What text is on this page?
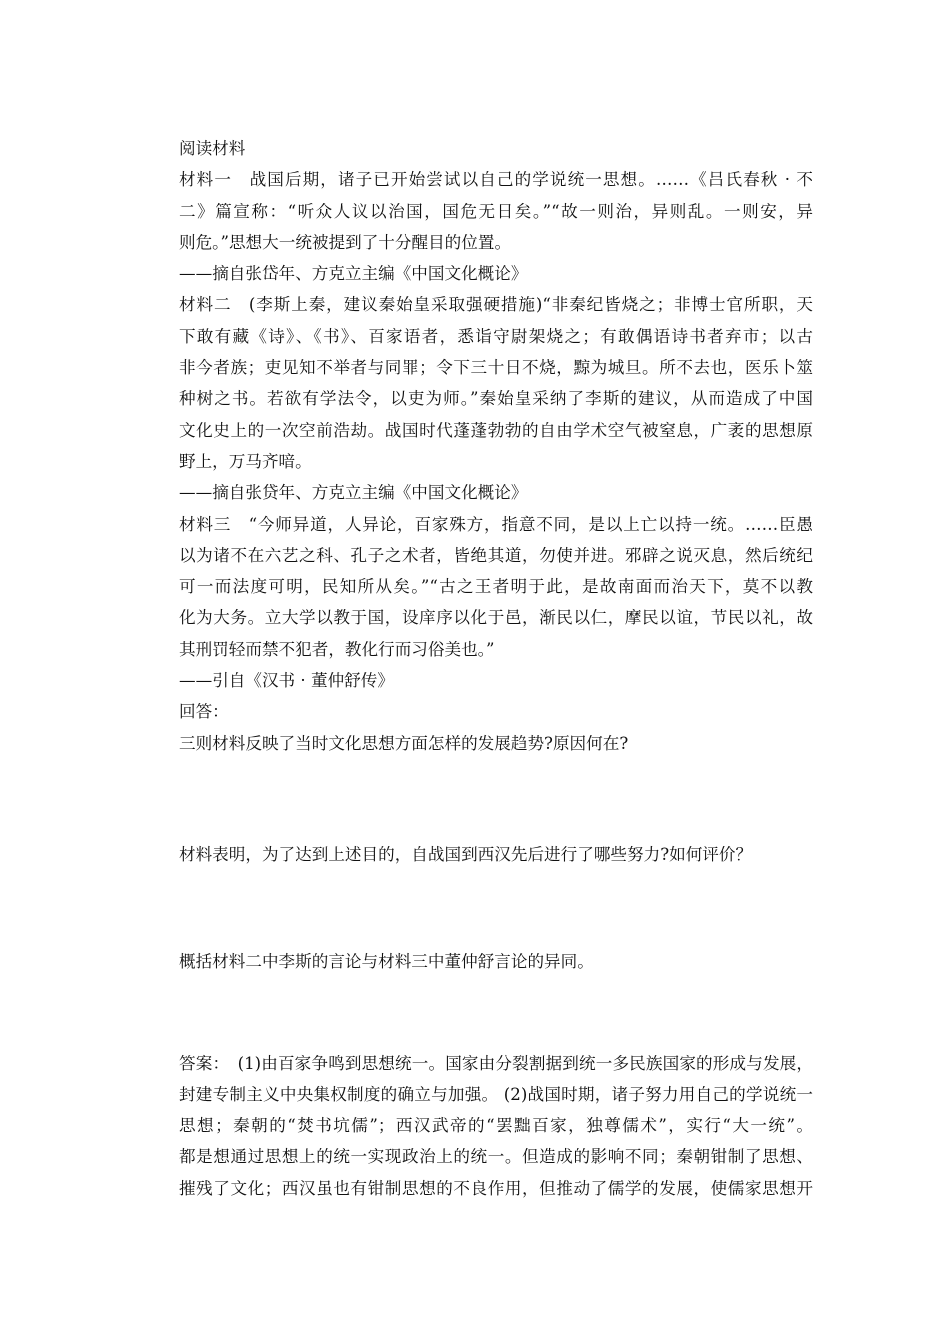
阅读材料
材料一　战国后期，诸子已开始尝试以自己的学说统一思想。……《吕氏春秋 · 不
二》篇宣称：“听众人议以治国，国危无日矣。”“故一则治，异则乱。一则安，异
则危。”思想大一统被提到了十分醒目的位置。
——摘自张岱年、方克立主编《中国文化概论》
材料二　(李斯上秦，建议秦始皇采取强硬措施)“非秦纪皆烧之；非博士官所职，天
下敢有藏《诗》、《书》、百家语者，悉诣守尉架烧之；有敢偶语诗书者弃市；以古
非今者族；吏见知不举者与同罪；令下三十日不烧，黥为城旦。所不去也，医乐卜筮
种树之书。若欲有学法令，以吏为师。”秦始皇采纳了李斯的建议，从而造成了中国
文化史上的一次空前浩劫。战国时代蓬蓬勃勃的自由学术空气被窒息，广袤的思想原
野上，万马齐喑。
——摘自张贷年、方克立主编《中国文化概论》
材料三　“今师异道，人异论，百家殊方，指意不同，是以上亡以持一统。……臣愚
以为诸不在六艺之科、孔子之术者，皆绝其道，勿使并进。邪辟之说灭息，然后统纪
可一而法度可明，民知所从矣。”“古之王者明于此，是故南面而治天下，莫不以教
化为大务。立大学以教于国，设庠序以化于邑，渐民以仁，摩民以谊，节民以礼，故
其刑罚轻而禁不犯者，教化行而习俗美也。”
——引自《汉书 · 董仲舒传》
回答：
三则材料反映了当时文化思想方面怎样的发展趋势?原因何在?
材料表明，为了达到上述目的，自战国到西汉先后进行了哪些努力?如何评价？
概括材料二中李斯的言论与材料三中董仲舒言论的异同。
答案：　(1)由百家争鸣到思想统一。国家由分裂割据到统一多民族国家的形成与发展，
封建专制主义中央集权制度的确立与加强。 (2)战国时期，诸子努力用自己的学说统一
思想；秦朝的“焚书坑儒”；西汉武帝的“罢黜百家，独尊儒术”，实行“大一统”。
都是想通过思想上的统一实现政治上的统一。但造成的影响不同；秦朝钳制了思想、
摧残了文化；西汉虽也有钳制思想的不良作用，但推动了儒学的发展，使儒家思想开
